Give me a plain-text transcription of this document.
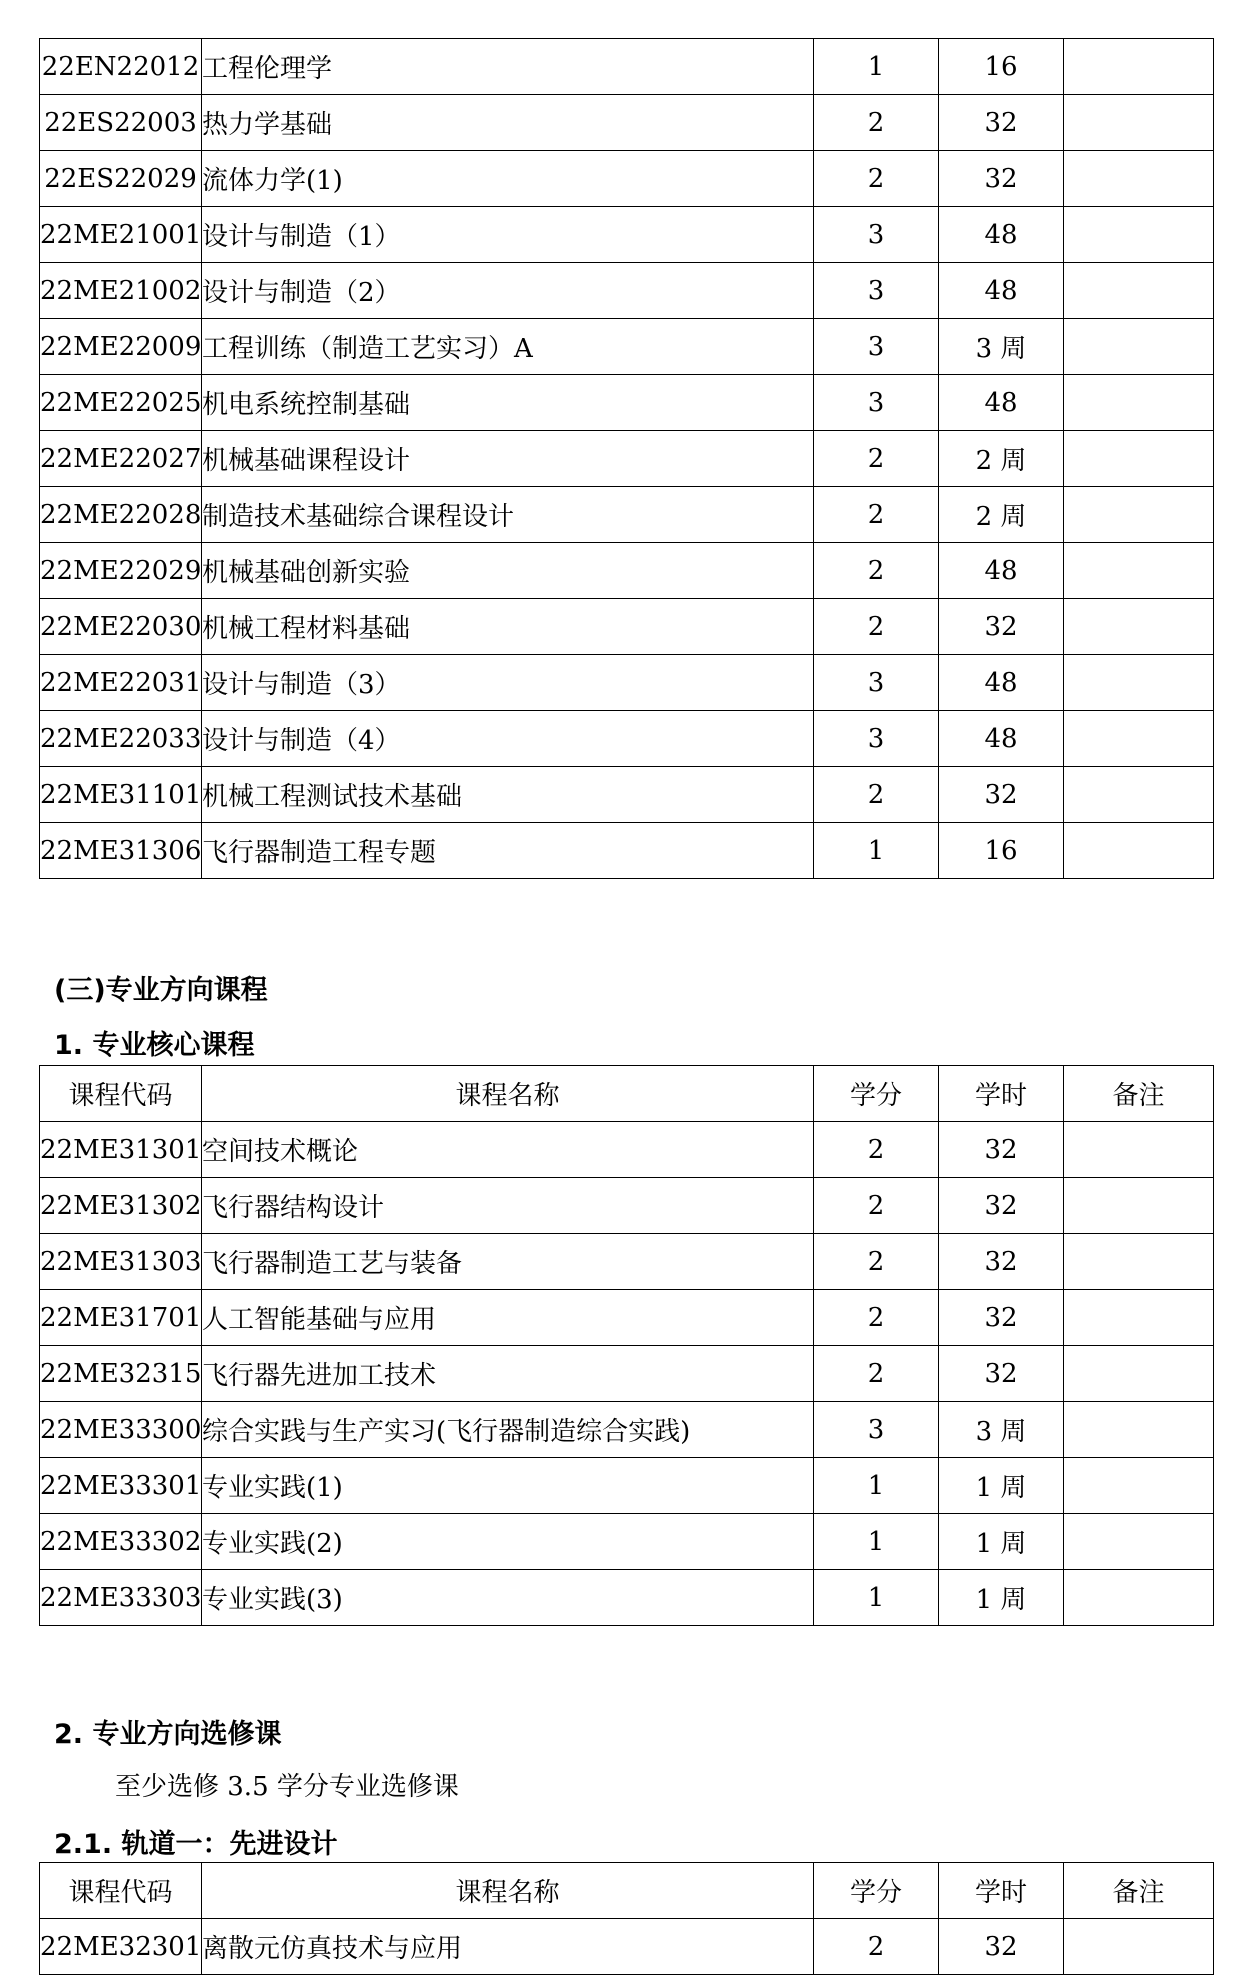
22EN22012	工程伦理学	1	16	
22ES22003	热力学基础	2	32	
22ES22029	流体力学(1)	2	32	
22ME21001	设计与制造（1）	3	48	
22ME21002	设计与制造（2）	3	48	
22ME22009	工程训练（制造工艺实习）A	3	3 周	
22ME22025	机电系统控制基础	3	48	
22ME22027	机械基础课程设计	2	2 周	
22ME22028	制造技术基础综合课程设计	2	2 周	
22ME22029	机械基础创新实验	2	48	
22ME22030	机械工程材料基础	2	32	
22ME22031	设计与制造（3）	3	48	
22ME22033	设计与制造（4）	3	48	
22ME31101	机械工程测试技术基础	2	32	
22ME31306	飞行器制造工程专题	1	16	
(三)专业方向课程
1. 专业核心课程
课程代码	课程名称	学分	学时	备注
22ME31301	空间技术概论	2	32	
22ME31302	飞行器结构设计	2	32	
22ME31303	飞行器制造工艺与装备	2	32	
22ME31701	人工智能基础与应用	2	32	
22ME32315	飞行器先进加工技术	2	32	
22ME33300	综合实践与生产实习(飞行器制造综合实践)	3	3 周	
22ME33301	专业实践(1)	1	1 周	
22ME33302	专业实践(2)	1	1 周	
22ME33303	专业实践(3)	1	1 周	
2. 专业方向选修课

至少选修 3.5 学分专业选修课

2.1. 轨道一：先进设计
课程代码	课程名称	学分	学时	备注
22ME32301	离散元仿真技术与应用	2	32	
